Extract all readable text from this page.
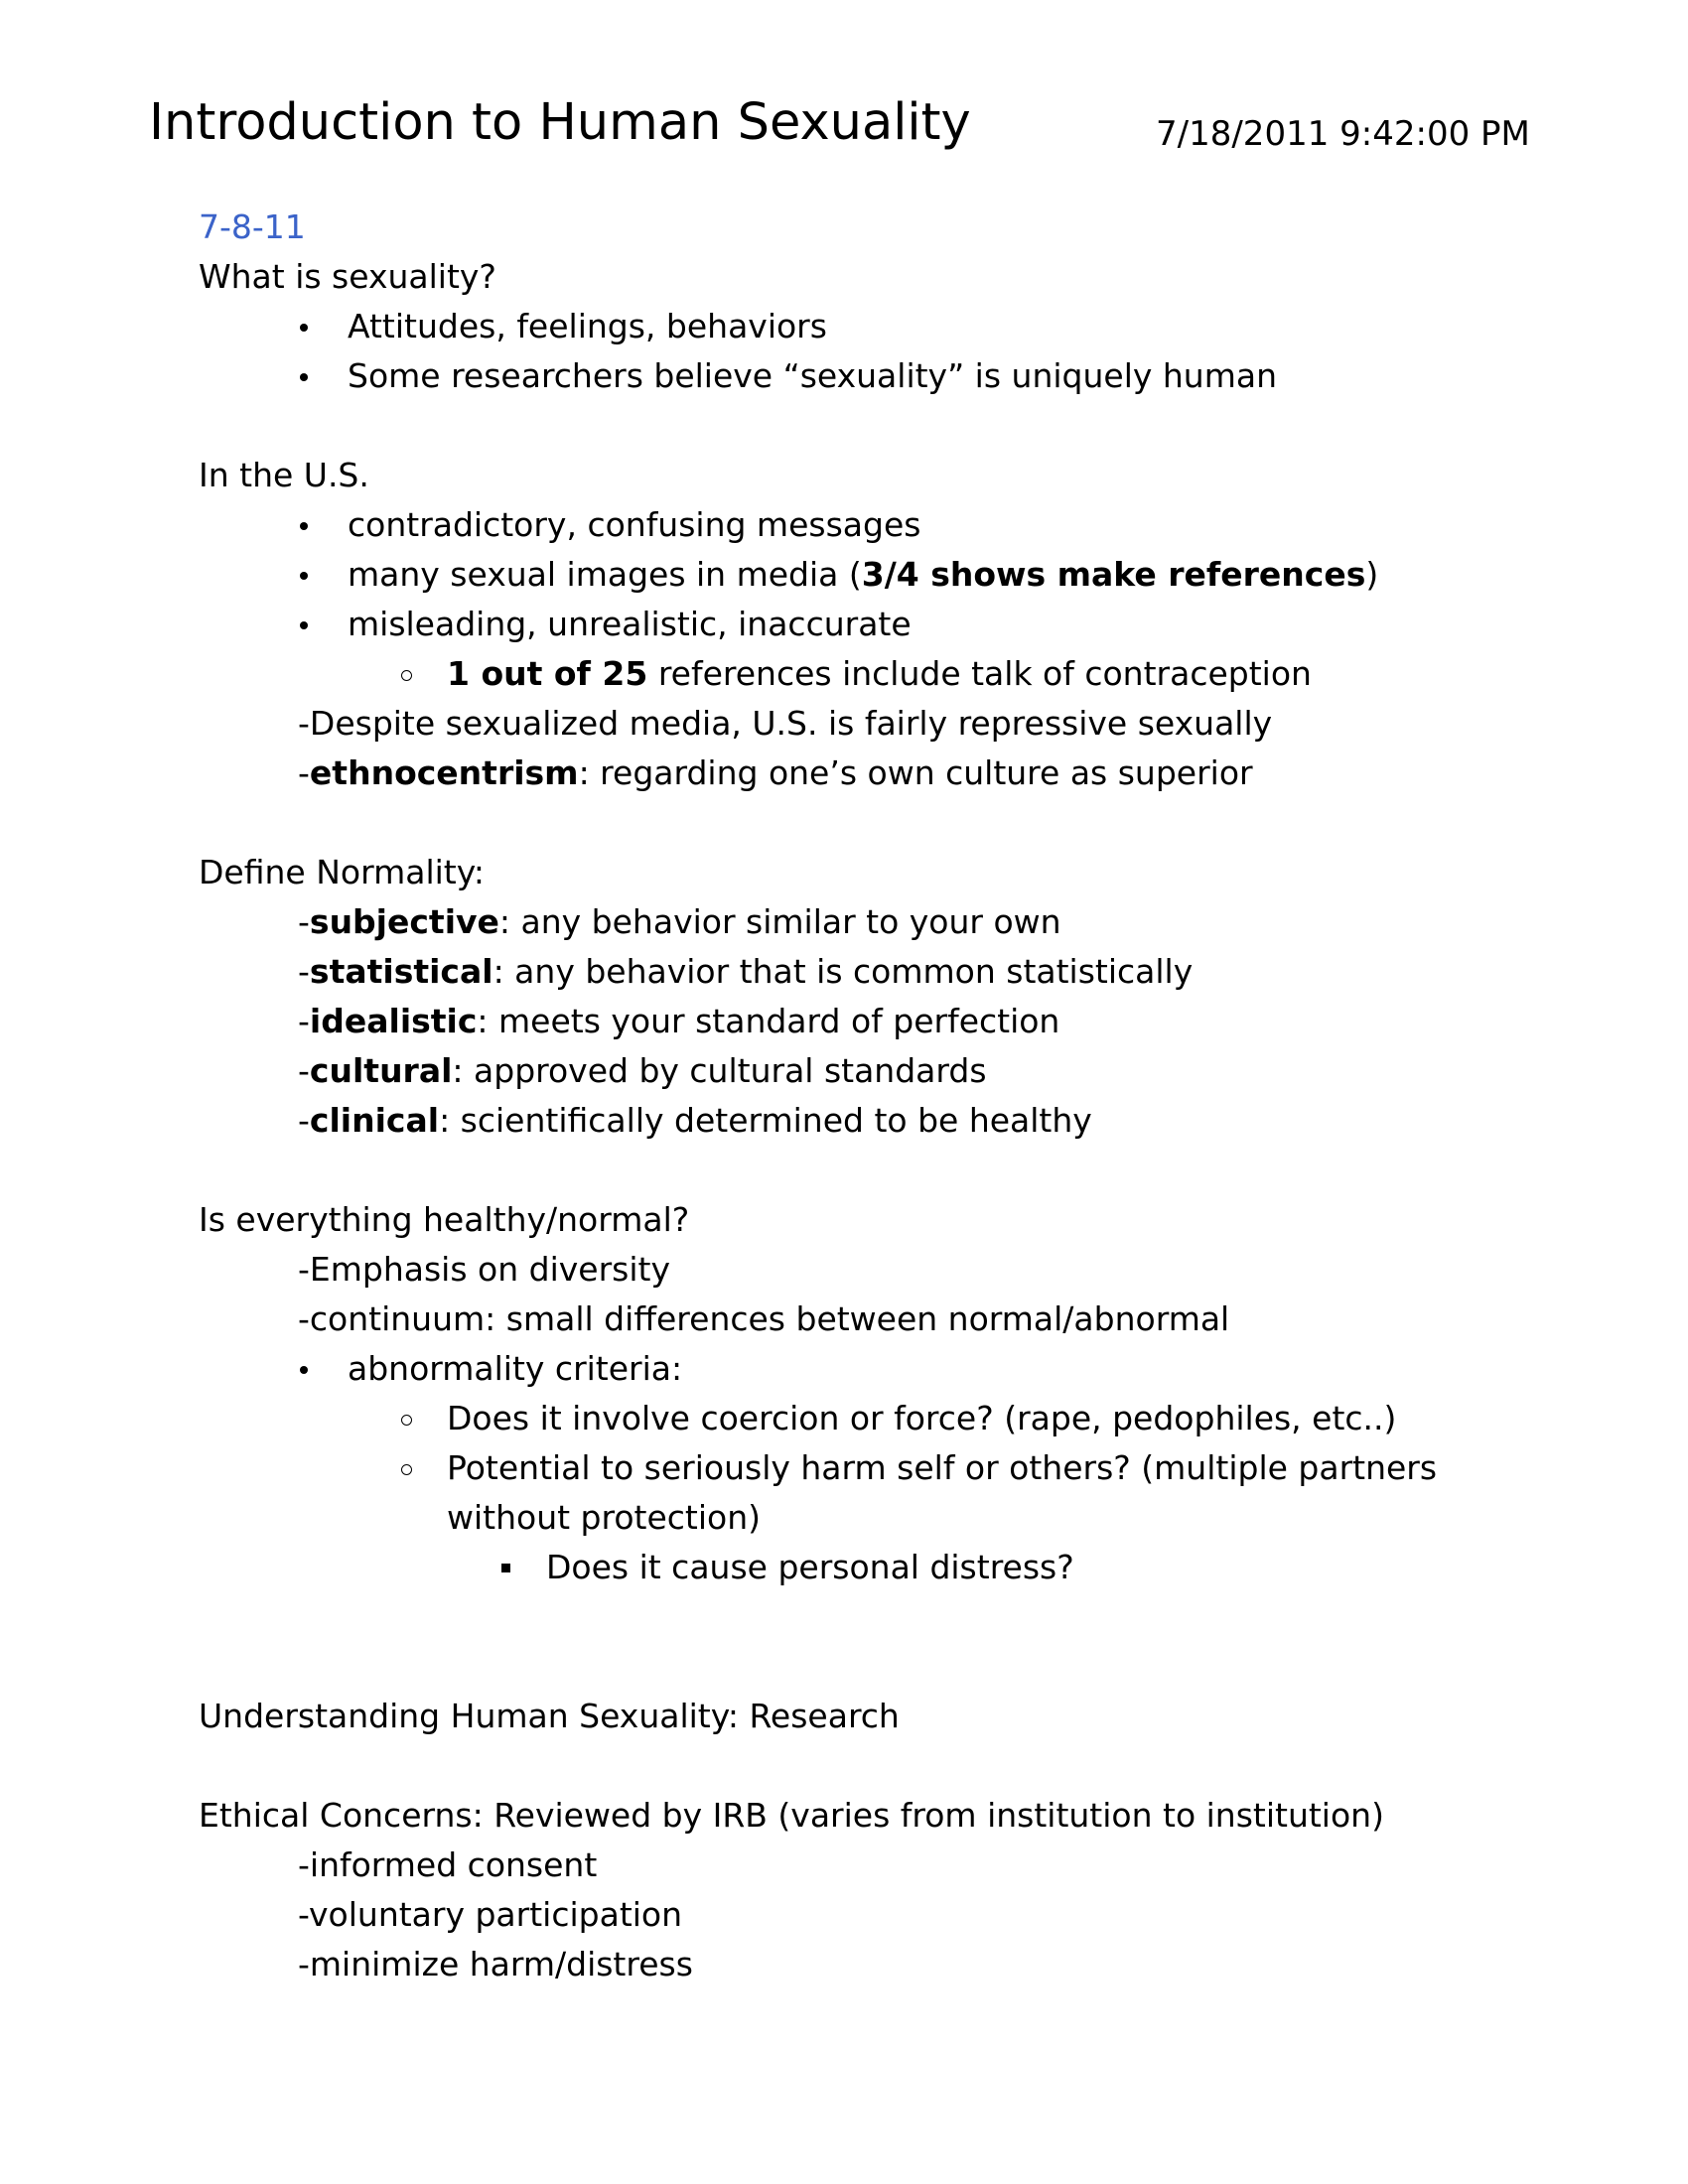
Introduction to Human Sexuality	7/18/2011 9:42:00 PM
7-8-11
What is sexuality?
Attitudes, feelings, behaviors
Some researchers believe “sexuality” is uniquely human
In the U.S.
contradictory, confusing messages
many sexual images in media (3/4 shows make references)
misleading, unrealistic, inaccurate
1 out of 25 references include talk of contraception
-Despite sexualized media, U.S. is fairly repressive sexually
-ethnocentrism: regarding one’s own culture as superior
Define Normality:
-subjective: any behavior similar to your own
-statistical: any behavior that is common statistically
-idealistic: meets your standard of perfection
-cultural: approved by cultural standards
-clinical: scientifically determined to be healthy
Is everything healthy/normal?
-Emphasis on diversity
-continuum: small differences between normal/abnormal
abnormality criteria:
Does it involve coercion or force? (rape, pedophiles, etc..)
Potential to seriously harm self or others? (multiple partners
without protection)
Does it cause personal distress?
Understanding Human Sexuality: Research
Ethical Concerns: Reviewed by IRB (varies from institution to institution)
-informed consent
-voluntary participation
-minimize harm/distress
